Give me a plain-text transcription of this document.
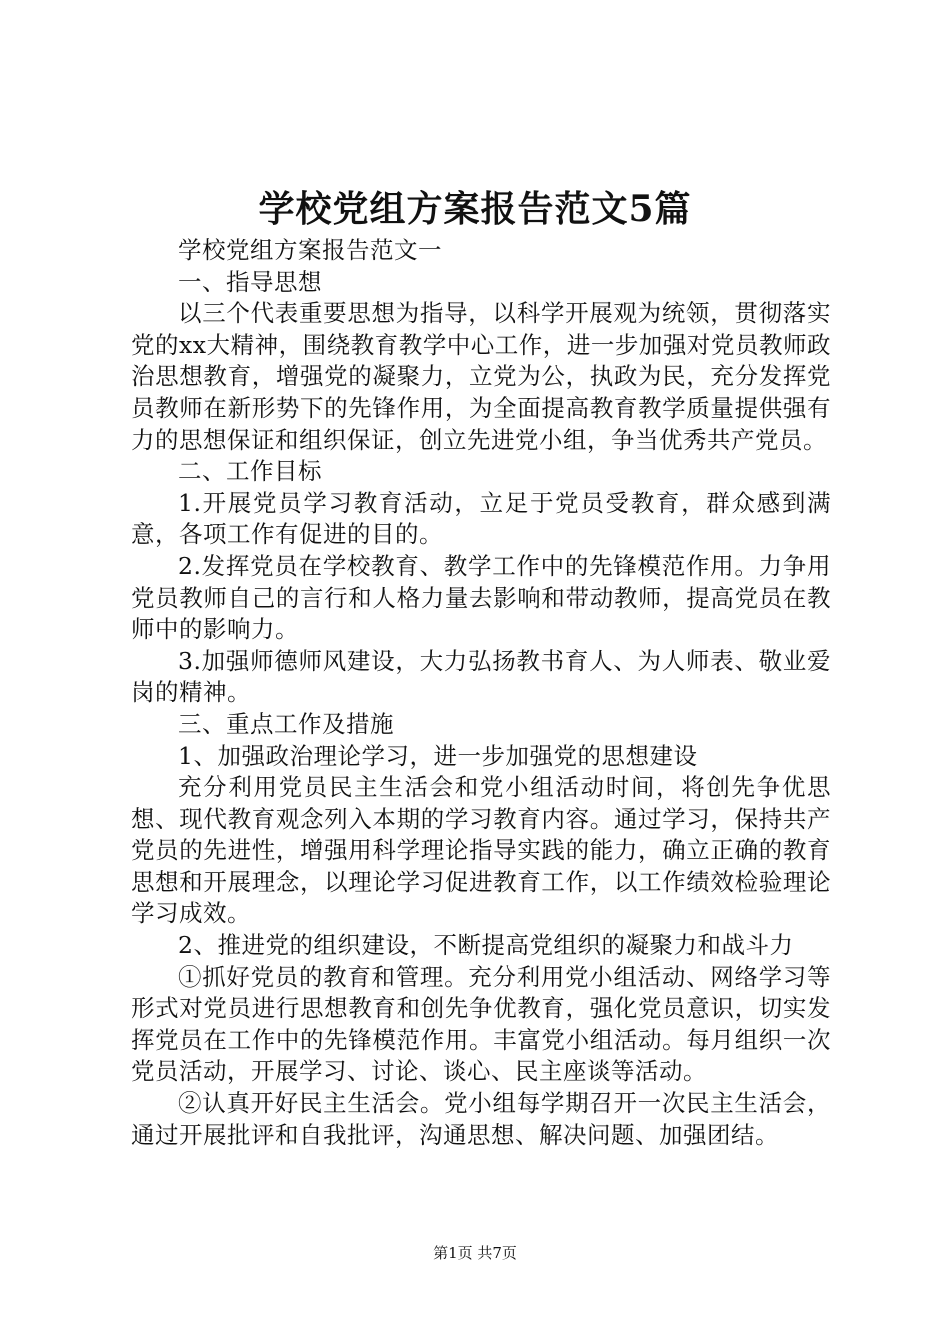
学校党组方案报告范文5篇

学校党组方案报告范文一

一、指导思想

以三个代表重要思想为指导，以科学开展观为统领，贯彻落实党的xx大精神，围绕教育教学中心工作，进一步加强对党员教师政治思想教育，增强党的凝聚力，立党为公，执政为民，充分发挥党员教师在新形势下的先锋作用，为全面提高教育教学质量提供强有力的思想保证和组织保证，创立先进党小组，争当优秀共产党员。

二、工作目标

1.开展党员学习教育活动，立足于党员受教育，群众感到满意，各项工作有促进的目的。

2.发挥党员在学校教育、教学工作中的先锋模范作用。力争用党员教师自己的言行和人格力量去影响和带动教师，提高党员在教师中的影响力。

3.加强师德师风建设，大力弘扬教书育人、为人师表、敬业爱岗的精神。

三、重点工作及措施

1、加强政治理论学习，进一步加强党的思想建设

充分利用党员民主生活会和党小组活动时间，将创先争优思想、现代教育观念列入本期的学习教育内容。通过学习，保持共产党员的先进性，增强用科学理论指导实践的能力，确立正确的教育思想和开展理念，以理论学习促进教育工作，以工作绩效检验理论学习成效。

2、推进党的组织建设，不断提高党组织的凝聚力和战斗力

①抓好党员的教育和管理。充分利用党小组活动、网络学习等形式对党员进行思想教育和创先争优教育，强化党员意识，切实发挥党员在工作中的先锋模范作用。丰富党小组活动。每月组织一次党员活动，开展学习、讨论、谈心、民主座谈等活动。

②认真开好民主生活会。党小组每学期召开一次民主生活会，通过开展批评和自我批评，沟通思想、解决问题、加强团结。

第1页 共7页
